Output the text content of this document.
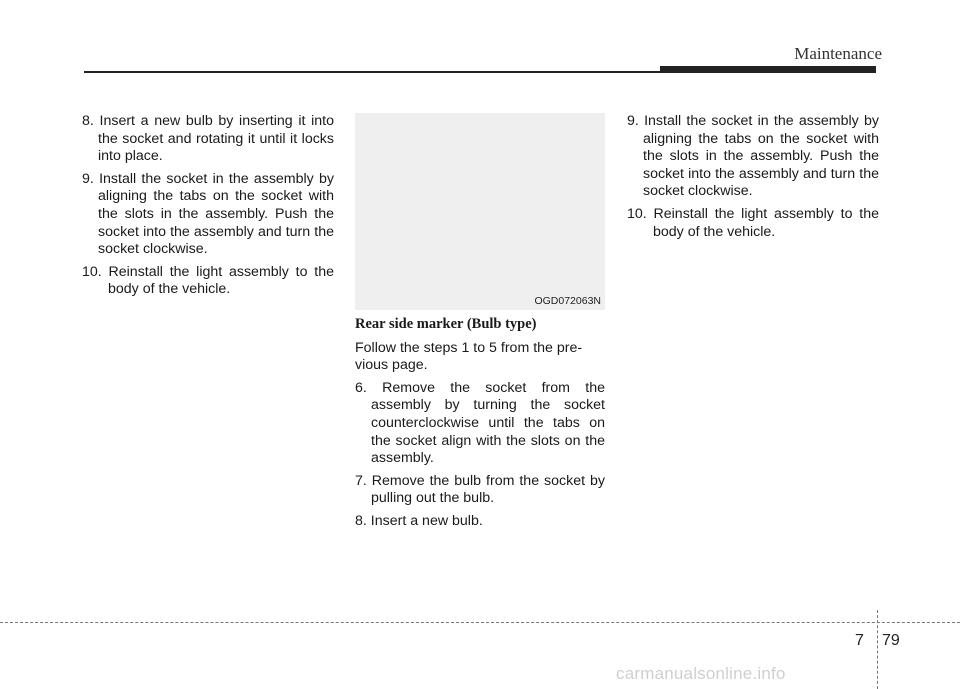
Maintenance
8. Insert a new bulb by inserting it into the socket and rotating it until it locks into place.
9. Install the socket in the assembly by aligning the tabs on the socket with the slots in the assembly. Push the socket into the assembly and turn the socket clockwise.
10. Reinstall the light assembly to the body of the vehicle.
OGD072063N
Rear side marker (Bulb type)
Follow the steps 1 to 5 from the pre-vious page.
6. Remove the socket from the assembly by turning the socket counterclockwise until the tabs on the socket align with the slots on the assembly.
7. Remove the bulb from the socket by pulling out the bulb.
8. Insert a new bulb.
9. Install the socket in the assembly by aligning the tabs on the socket with the slots in the assembly. Push the socket into the assembly and turn the socket clockwise.
10. Reinstall the light assembly to the body of the vehicle.
7 79
carmanualsonline.info
